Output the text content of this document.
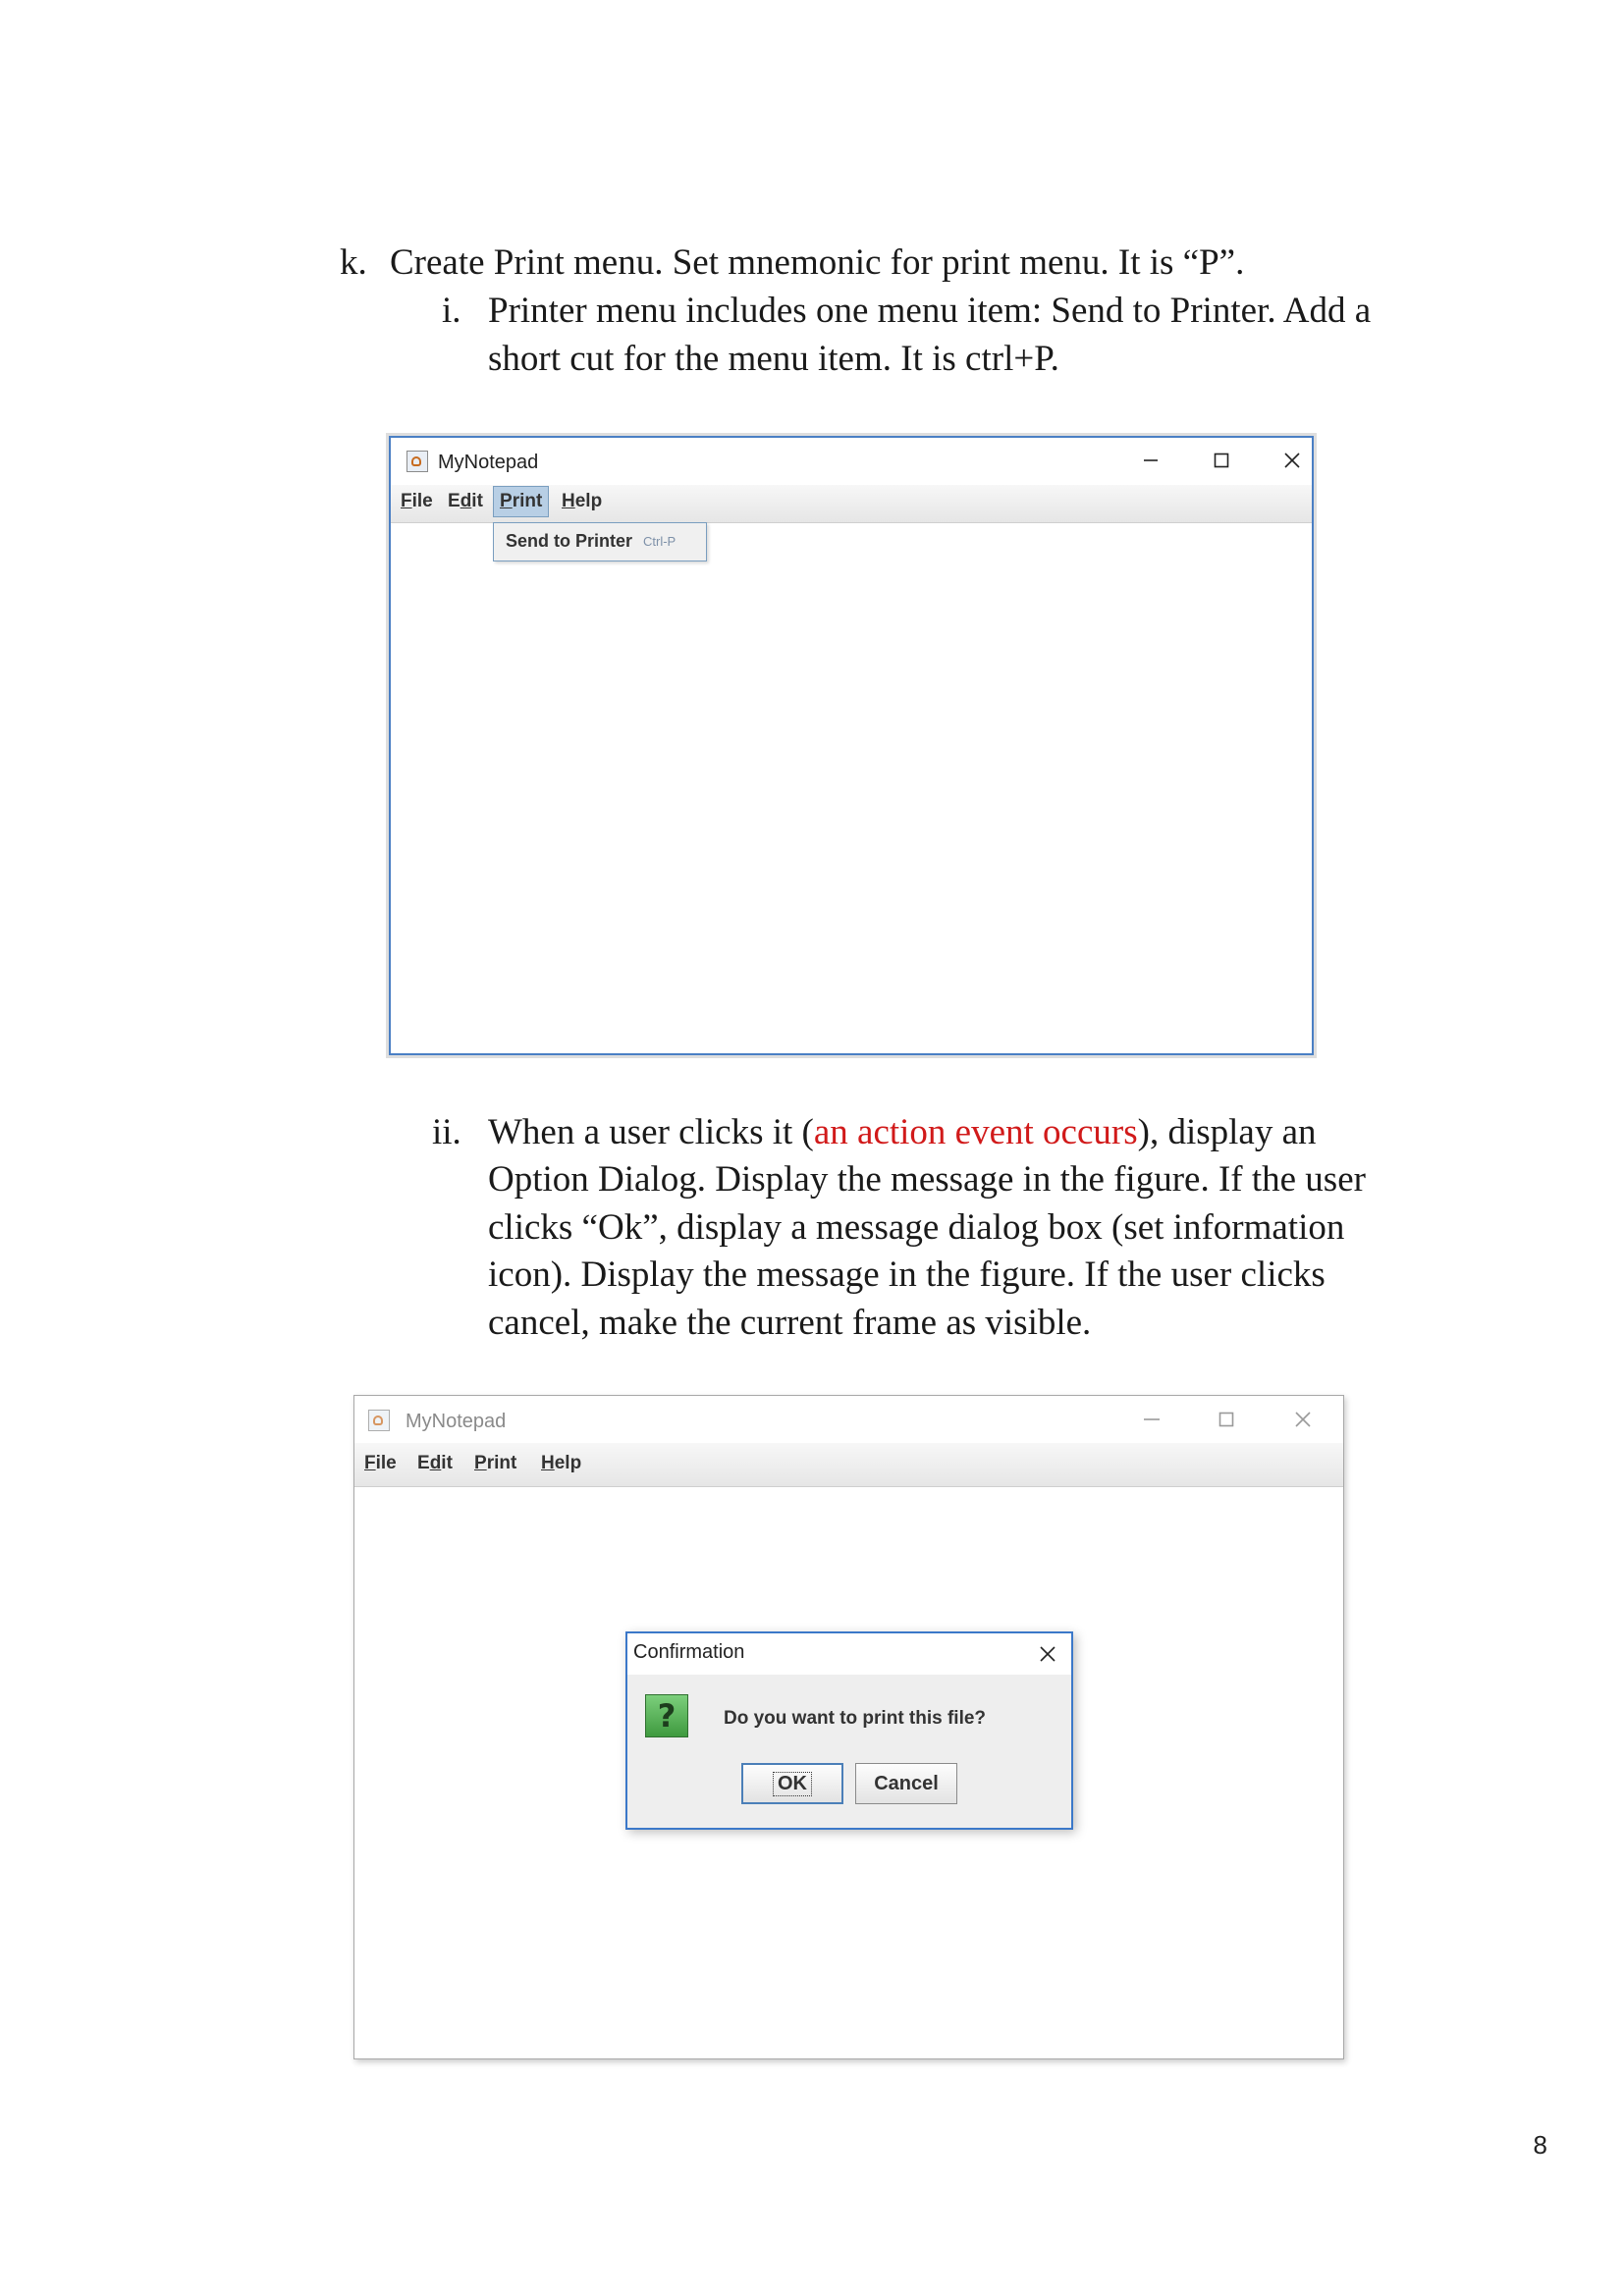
k. Create Print menu. Set mnemonic for print menu. It is “P”.
i. Printer menu includes one menu item: Send to Printer. Add a
short cut for the menu item. It is ctrl+P.
MyNotepad
File Edit Print	Help
Send to Printer Ctrl-P
ii. When a user clicks it (an action event occurs), display an
Option Dialog. Display the message in the figure. If the user
clicks “Ok”, display a message dialog box (set information
icon). Display the message in the figure. If the user clicks
cancel, make the current frame as visible.
MyNotepad
File	Edit	Print	Help
Confirmation
?	Do you want to print this file?
OK	Cancel
8
